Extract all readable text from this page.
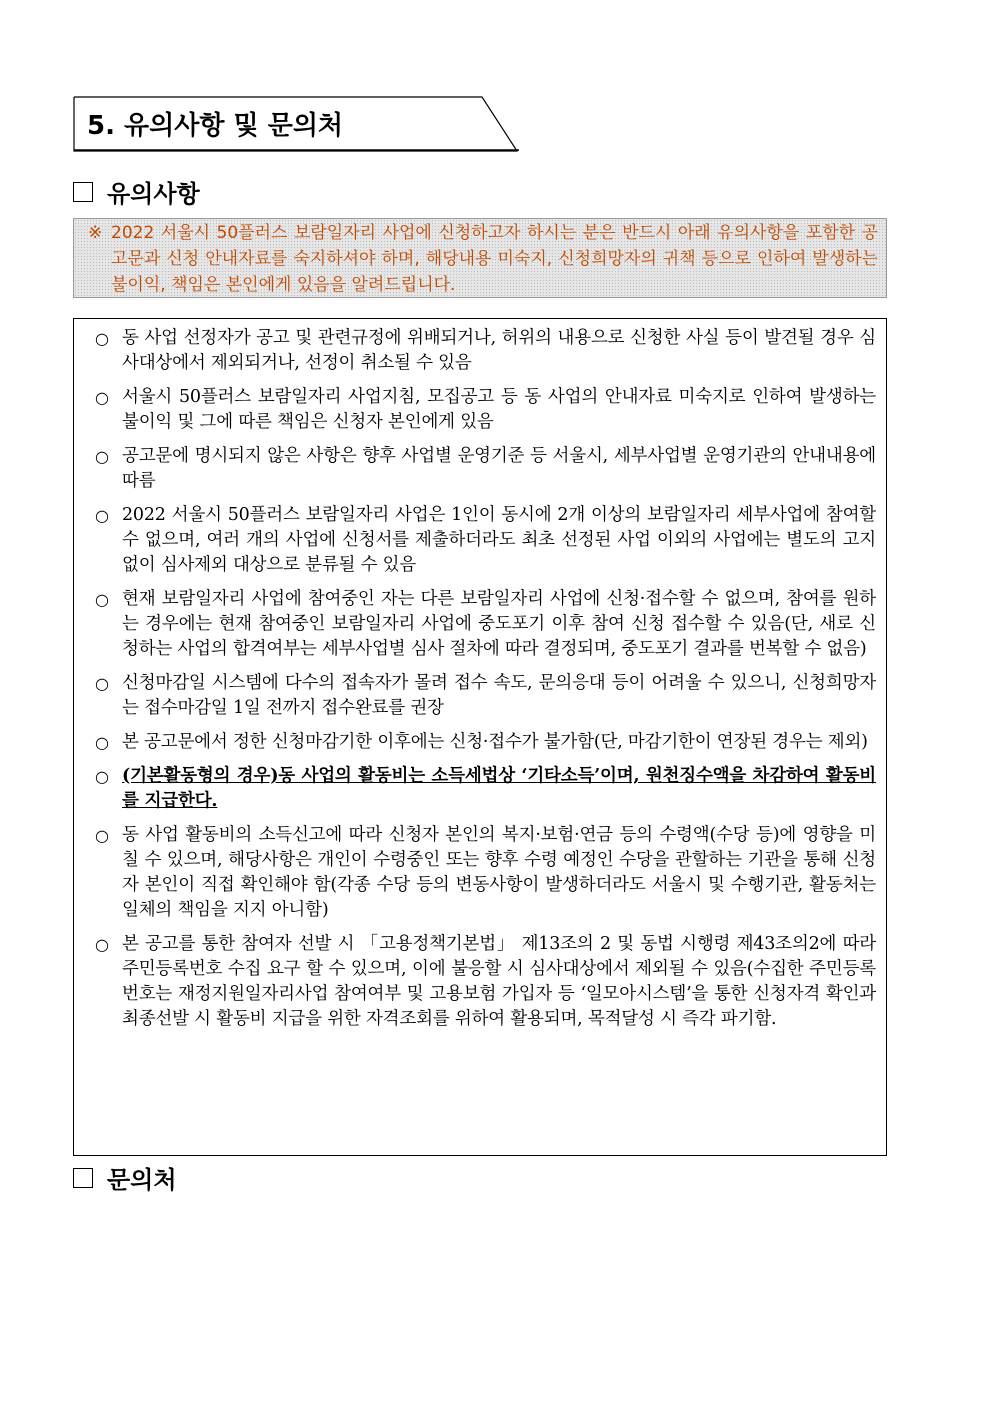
5. 유의사항 및 문의처
유의사항
※ 2022 서울시 50플러스 보람일자리 사업에 신청하고자 하시는 분은 반드시 아래 유의사항을 포함한 공고문과 신청 안내자료를 숙지하셔야 하며, 해당내용 미숙지, 신청희망자의 귀책 등으로 인하여 발생하는 불이익, 책임은 본인에게 있음을 알려드립니다.
○ 동 사업 선정자가 공고 및 관련규정에 위배되거나, 허위의 내용으로 신청한 사실 등이 발견될 경우 심사대상에서 제외되거나, 선정이 취소될 수 있음
○ 서울시 50플러스 보람일자리 사업지침, 모집공고 등 동 사업의 안내자료 미숙지로 인하여 발생하는 불이익 및 그에 따른 책임은 신청자 본인에게 있음
○ 공고문에 명시되지 않은 사항은 향후 사업별 운영기준 등 서울시, 세부사업별 운영기관의 안내내용에 따름
○ 2022 서울시 50플러스 보람일자리 사업은 1인이 동시에 2개 이상의 보람일자리 세부사업에 참여할 수 없으며, 여러 개의 사업에 신청서를 제출하더라도 최초 선정된 사업 이외의 사업에는 별도의 고지 없이 심사제외 대상으로 분류될 수 있음
○ 현재 보람일자리 사업에 참여중인 자는 다른 보람일자리 사업에 신청·접수할 수 없으며, 참여를 원하는 경우에는 현재 참여중인 보람일자리 사업에 중도포기 이후 참여 신청 접수할 수 있음(단, 새로 신청하는 사업의 합격여부는 세부사업별 심사 절차에 따라 결정되며, 중도포기 결과를 번복할 수 없음)
○ 신청마감일 시스템에 다수의 접속자가 몰려 접수 속도, 문의응대 등이 어려울 수 있으니, 신청희망자는 접수마감일 1일 전까지 접수완료를 권장
○ 본 공고문에서 정한 신청마감기한 이후에는 신청·접수가 불가함(단, 마감기한이 연장된 경우는 제외)
○ (기본활동형의 경우)동 사업의 활동비는 소득세법상 ‘기타소득’이며, 원천징수액을 차감하여 활동비를 지급한다.
○ 동 사업 활동비의 소득신고에 따라 신청자 본인의 복지·보험·연금 등의 수령액(수당 등)에 영향을 미칠 수 있으며, 해당사항은 개인이 수령중인 또는 향후 수령 예정인 수당을 관할하는 기관을 통해 신청자 본인이 직접 확인해야 함(각종 수당 등의 변동사항이 발생하더라도 서울시 및 수행기관, 활동처는 일체의 책임을 지지 아니함)
○ 본 공고를 통한 참여자 선발 시 「고용정책기본법」 제13조의 2 및 동법 시행령 제43조의2에 따라 주민등록번호 수집 요구 할 수 있으며, 이에 불응할 시 심사대상에서 제외될 수 있음(수집한 주민등록번호는 재정지원일자리사업 참여여부 및 고용보험 가입자 등 ‘일모아시스템’을 통한 신청자격 확인과 최종선발 시 활동비 지급을 위한 자격조회를 위하여 활용되며, 목적달성 시 즉각 파기함.
문의처
